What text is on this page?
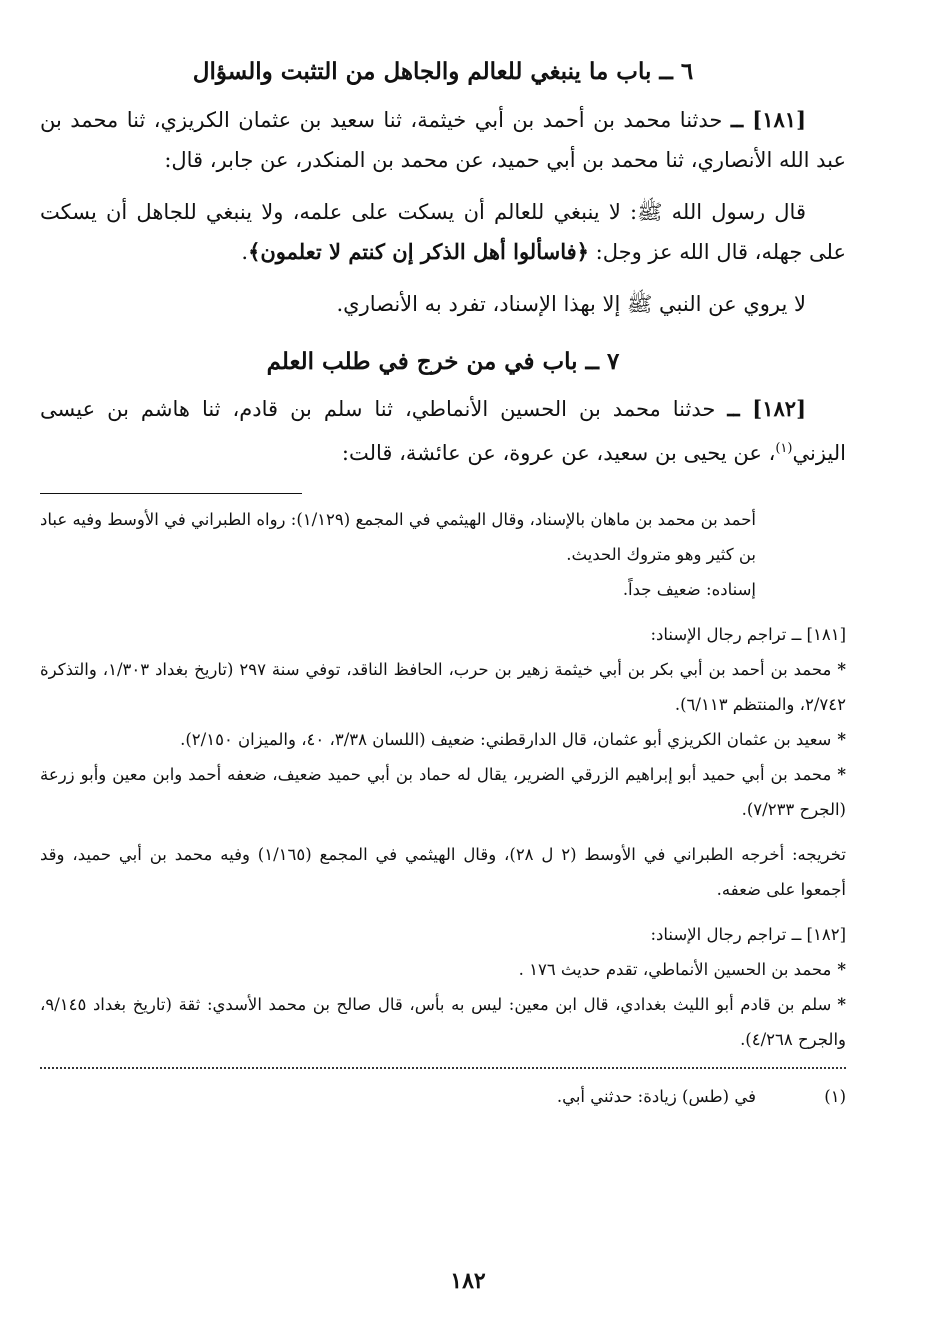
٦ ــ باب ما ينبغي للعالم والجاهل من التثبت والسؤال

[١٨١] ــ حدثنا محمد بن أحمد بن أبي خيثمة، ثنا سعيد بن عثمان الكريزي، ثنا محمد بن عبد الله الأنصاري، ثنا محمد بن أبي حميد، عن محمد بن المنكدر، عن جابر، قال:

قال رسول الله ﷺ: لا ينبغي للعالم أن يسكت على علمه، ولا ينبغي للجاهل أن يسكت على جهله، قال الله عز وجل: ﴿فاسألوا أهل الذكر إن كنتم لا تعلمون﴾.

لا يروي عن النبي ﷺ إلا بهذا الإسناد، تفرد به الأنصاري.

٧ ــ باب في من خرج في طلب العلم

[١٨٢] ــ حدثنا محمد بن الحسين الأنماطي، ثنا سلم بن قادم، ثنا هاشم بن عيسى اليزني$^{(١)}$، عن يحيى بن سعيد، عن عروة، عن عائشة، قالت:

أحمد بن محمد بن ماهان بالإسناد، وقال الهيثمي في المجمع (١/١٢٩): رواه الطبراني في الأوسط وفيه عباد بن كثير وهو متروك الحديث.

إسناده: ضعيف جداً.

[١٨١] ــ تراجم رجال الإسناد:

*محمد بن أحمد بن أبي بكر بن أبي خيثمة زهير بن حرب، الحافظ الناقد، توفي سنة ٢٩٧ (تاريخ بغداد ١/٣٠٣، والتذكرة ٢/٧٤٢، والمنتظم ٦/١١٣).

*سعيد بن عثمان الكريزي أبو عثمان، قال الدارقطني: ضعيف (اللسان ٣/٣٨، ٤٠، والميزان ٢/١٥٠).

*محمد بن أبي حميد أبو إبراهيم الزرقي الضرير، يقال له حماد بن أبي حميد ضعيف، ضعفه أحمد وابن معين وأبو زرعة (الجرح ٧/٢٣٣).

تخريجه: أخرجه الطبراني في الأوسط (٢ ل ٢٨)، وقال الهيثمي في المجمع (١/١٦٥) وفيه محمد بن أبي حميد، وقد أجمعوا على ضعفه.

[١٨٢] ــ تراجم رجال الإسناد:

*محمد بن الحسين الأنماطي، تقدم حديث ١٧٦ .

*سلم بن قادم أبو الليث بغدادي، قال ابن معين: ليس به بأس، قال صالح بن محمد الأسدي: ثقة (تاريخ بغداد ٩/١٤٥، والجرح ٤/٢٦٨).

(١)
في (طس) زيادة: حدثني أبي.

١٨٢
